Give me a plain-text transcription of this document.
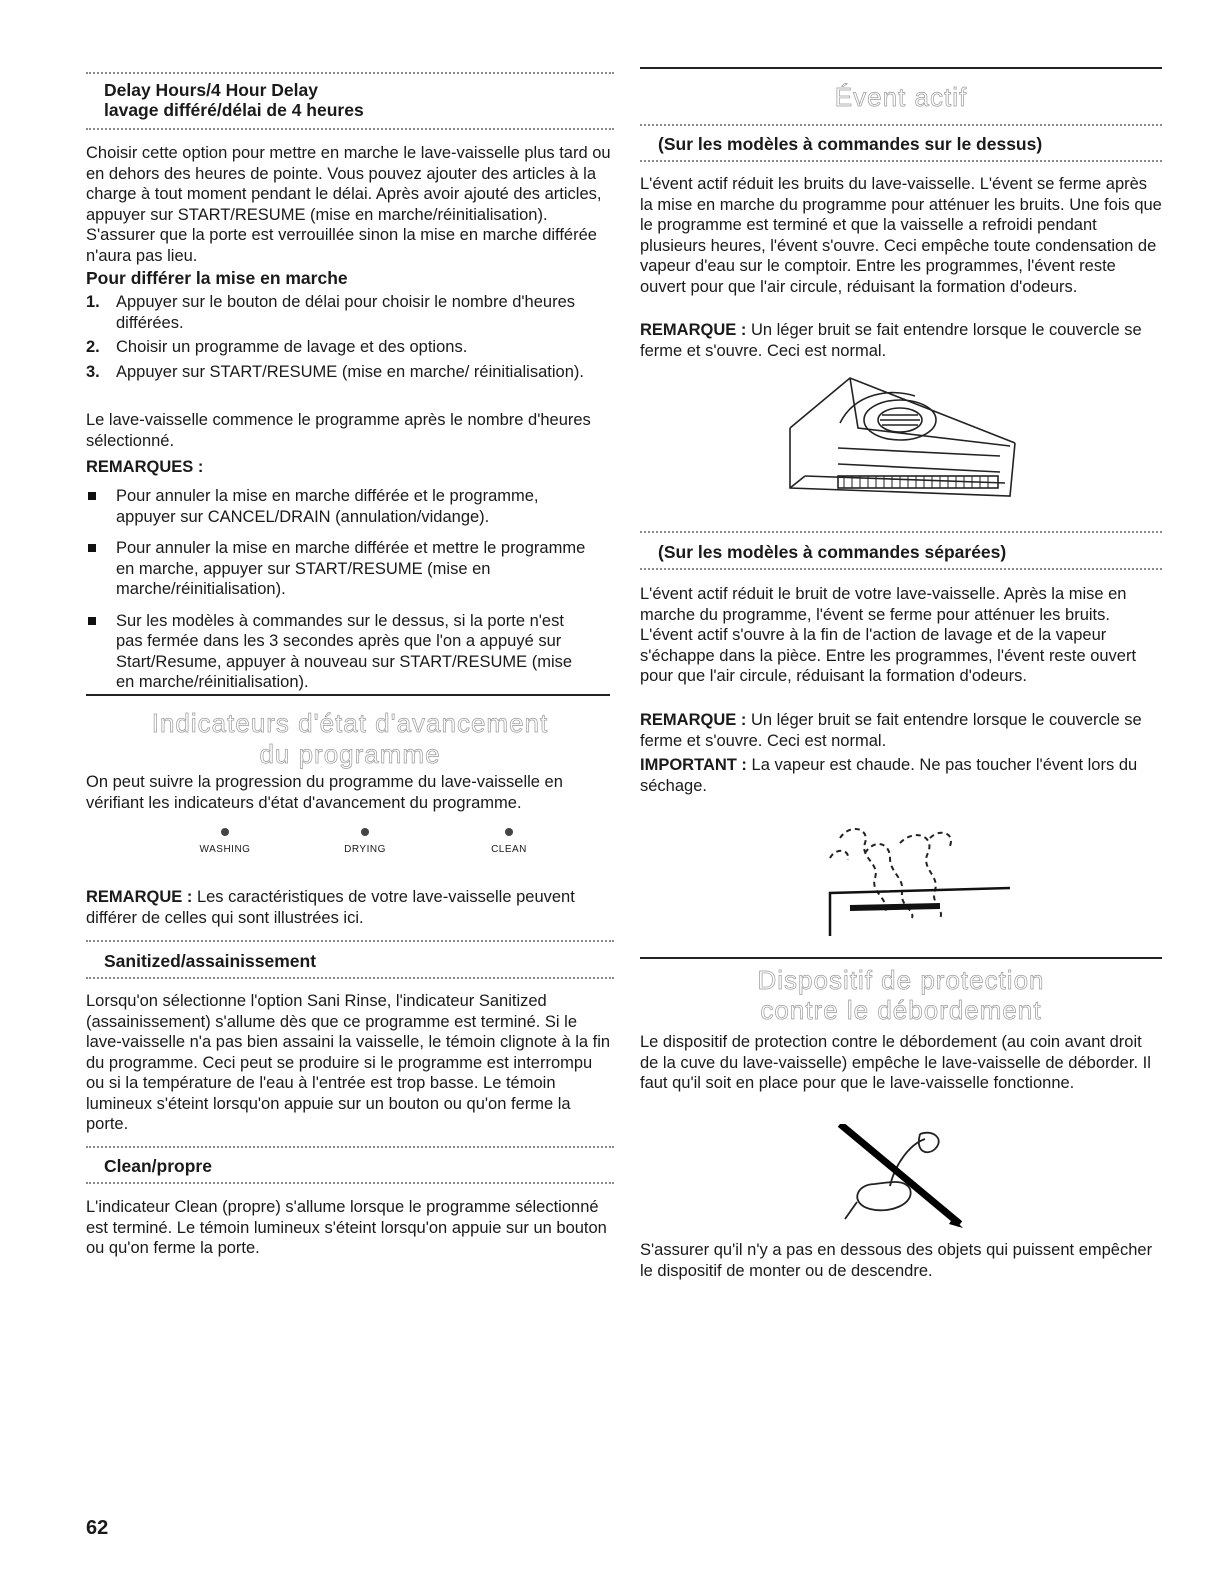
Delay Hours/4 Hour Delay
lavage différé/délai de 4 heures

Choisir cette option pour mettre en marche le lave-vaisselle plus tard ou en dehors des heures de pointe. Vous pouvez ajouter des articles à la charge à tout moment pendant le délai. Après avoir ajouté des articles, appuyer sur START/RESUME (mise en marche/réinitialisation). S'assurer que la porte est verrouillée sinon la mise en marche différée n'aura pas lieu.

Pour différer la mise en marche

1. Appuyer sur le bouton de délai pour choisir le nombre d'heures différées.
2. Choisir un programme de lavage et des options.
3. Appuyer sur START/RESUME (mise en marche/ réinitialisation).

Le lave-vaisselle commence le programme après le nombre d'heures sélectionné.

REMARQUES :

Pour annuler la mise en marche différée et le programme, appuyer sur CANCEL/DRAIN (annulation/vidange).
Pour annuler la mise en marche différée et mettre le programme en marche, appuyer sur START/RESUME (mise en marche/réinitialisation).
Sur les modèles à commandes sur le dessus, si la porte n'est pas fermée dans les 3 secondes après que l'on a appuyé sur Start/Resume, appuyer à nouveau sur START/RESUME (mise en marche/réinitialisation).
Indicateurs d'état d'avancement
du programme

On peut suivre la progression du programme du lave-vaisselle en vérifiant les indicateurs d'état d'avancement du programme.

WASHING	DRYING	CLEAN

REMARQUE : Les caractéristiques de votre lave-vaisselle peuvent différer de celles qui sont illustrées ici.

Sanitized/assainissement

Lorsqu'on sélectionne l'option Sani Rinse, l'indicateur Sanitized (assainissement) s'allume dès que ce programme est terminé. Si le lave-vaisselle n'a pas bien assaini la vaisselle, le témoin clignote à la fin du programme. Ceci peut se produire si le programme est interrompu ou si la température de l'eau à l'entrée est trop basse. Le témoin lumineux s'éteint lorsqu'on appuie sur un bouton ou qu'on ferme la porte.

Clean/propre

L'indicateur Clean (propre) s'allume lorsque le programme sélectionné est terminé. Le témoin lumineux s'éteint lorsqu'on appuie sur un bouton ou qu'on ferme la porte.

Évent actif
(Sur les modèles à commandes sur le dessus)

L'évent actif réduit les bruits du lave-vaisselle. L'évent se ferme après la mise en marche du programme pour atténuer les bruits. Une fois que le programme est terminé et que la vaisselle a refroidi pendant plusieurs heures, l'évent s'ouvre. Ceci empêche toute condensation de vapeur d'eau sur le comptoir. Entre les programmes, l'évent reste ouvert pour que l'air circule, réduisant la formation d'odeurs.

REMARQUE : Un léger bruit se fait entendre lorsque le couvercle se ferme et s'ouvre. Ceci est normal.

(Sur les modèles à commandes séparées)

L'évent actif réduit le bruit de votre lave-vaisselle. Après la mise en marche du programme, l'évent se ferme pour atténuer les bruits. L'évent actif s'ouvre à la fin de l'action de lavage et de la vapeur s'échappe dans la pièce. Entre les programmes, l'évent reste ouvert pour que l'air circule, réduisant la formation d'odeurs.

REMARQUE : Un léger bruit se fait entendre lorsque le couvercle se ferme et s'ouvre. Ceci est normal.

IMPORTANT : La vapeur est chaude. Ne pas toucher l'évent lors du séchage.

Dispositif de protection
contre le débordement

Le dispositif de protection contre le débordement (au coin avant droit de la cuve du lave-vaisselle) empêche le lave-vaisselle de déborder. Il faut qu'il soit en place pour que le lave-vaisselle fonctionne.

S'assurer qu'il n'y a pas en dessous des objets qui puissent empêcher le dispositif de monter ou de descendre.

62
